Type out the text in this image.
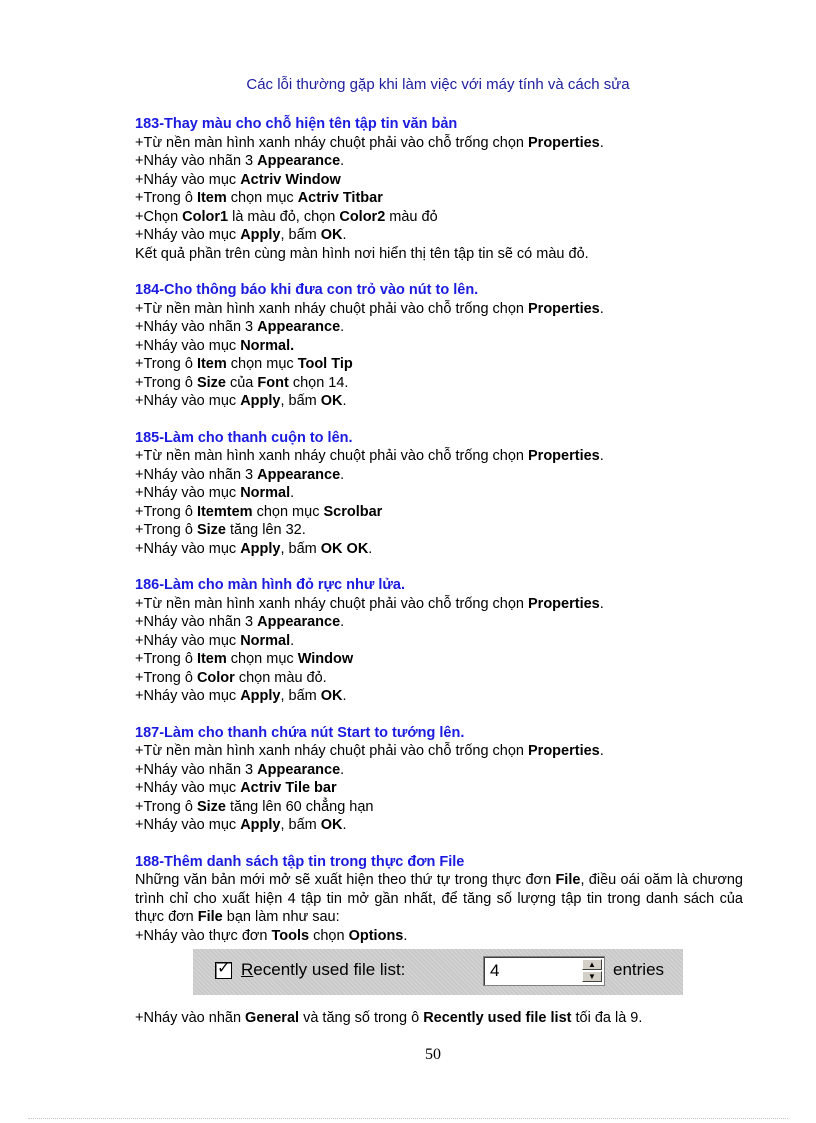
Các lỗi thường gặp khi làm việc với máy tính và cách sửa

183-Thay màu cho chỗ hiện tên tập tin văn bản

+Từ nền màn hình xanh nháy chuột phải vào chỗ trống chọn Properties.

+Nháy vào nhãn 3 Appearance.

+Nháy vào mục Actriv Window

+Trong ô Item chọn mục Actriv Titbar

+Chọn Color1 là màu đỏ, chọn Color2 màu đỏ

+Nháy vào mục Apply, bấm OK.

Kết quả phần trên cùng màn hình nơi hiển thị tên tập tin sẽ có màu đỏ.

184-Cho thông báo khi đưa con trỏ vào nút to lên.

+Từ nền màn hình xanh nháy chuột phải vào chỗ trống chọn Properties.

+Nháy vào nhãn 3 Appearance.

+Nháy vào mục Normal.

+Trong ô Item chọn mục Tool Tip

+Trong ô Size của Font chọn 14.

+Nháy vào mục Apply, bấm OK.

185-Làm cho thanh cuộn to lên.

+Từ nền màn hình xanh nháy chuột phải vào chỗ trống chọn Properties.

+Nháy vào nhãn 3 Appearance.

+Nháy vào mục Normal.

+Trong ô Itemtem chọn mục Scrolbar

+Trong ô Size tăng lên 32.

+Nháy vào mục Apply, bấm OK OK.

186-Làm cho màn hình đỏ rực như lửa.

+Từ nền màn hình xanh nháy chuột phải vào chỗ trống chọn Properties.

+Nháy vào nhãn 3 Appearance.

+Nháy vào mục Normal.

+Trong ô Item chọn mục Window

+Trong ô Color chọn màu đỏ.

+Nháy vào mục Apply, bấm OK.

187-Làm cho thanh chứa nút Start to tướng lên.

+Từ nền màn hình xanh nháy chuột phải vào chỗ trống chọn Properties.

+Nháy vào nhãn 3 Appearance.

+Nháy vào mục Actriv Tile bar

+Trong ô Size tăng lên 60 chẳng hạn

+Nháy vào mục Apply, bấm OK.

188-Thêm danh sách tập tin trong thực đơn File

Những văn bản mới mở sẽ xuất hiện theo thứ tự trong thực đơn File, điều oái oăm là chương trình chỉ cho xuất hiện 4 tập tin mở gần nhất, để tăng số lượng tập tin trong danh sách của thực đơn File bạn làm như sau:

+Nháy vào thực đơn Tools chọn Options.

✓ Recently used file list:	4	▲
▼	entries

+Nháy vào nhãn General và tăng số trong ô Recently used file list tối đa là 9.

50
